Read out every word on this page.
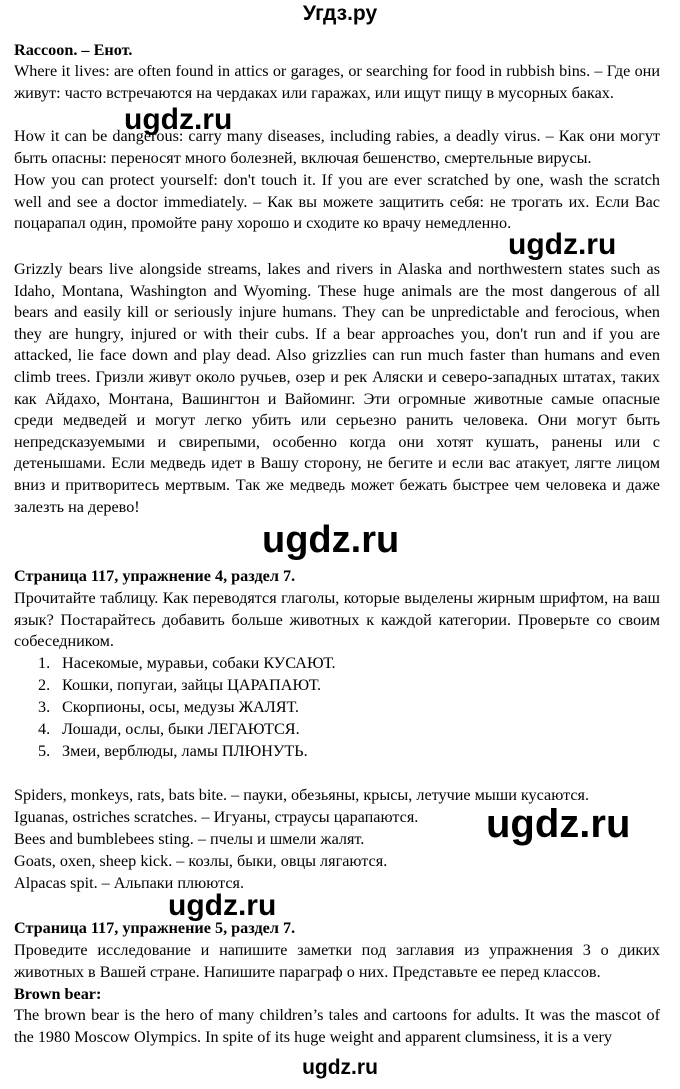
Угдз.ру
Raccoon. – Енот.
Where it lives: are often found in attics or garages, or searching for food in rubbish bins. – Где они живут: часто встречаются на чердаках или гаражах, или ищут пищу в мусорных баках.
How it can be dangerous: carry many diseases, including rabies, a deadly virus. – Как они могут быть опасны: переносят много болезней, включая бешенство, смертельные вирусы.
How you can protect yourself: don't touch it. If you are ever scratched by one, wash the scratch well and see a doctor immediately. – Как вы можете защитить себя: не трогать их. Если Вас поцарапал один, промойте рану хорошо и сходите ко врачу немедленно.
Grizzly bears live alongside streams, lakes and rivers in Alaska and northwestern states such as Idaho, Montana, Washington and Wyoming. These huge animals are the most dangerous of all bears and easily kill or seriously injure humans. They can be unpredictable and ferocious, when they are hungry, injured or with their cubs. If a bear approaches you, don't run and if you are attacked, lie face down and play dead. Also grizzlies can run much faster than humans and even climb trees. Гризли живут около ручьев, озер и рек Аляски и северо-западных штатах, таких как Айдахо, Монтана, Вашингтон и Вайоминг. Эти огромные животные самые опасные среди медведей и могут легко убить или серьезно ранить человека. Они могут быть непредсказуемыми и свирепыми, особенно когда они хотят кушать, ранены или с детенышами. Если медведь идет в Вашу сторону, не бегите и если вас атакует, лягте лицом вниз и притворитесь мертвым. Так же медведь может бежать быстрее чем человека и даже залезть на дерево!
Страница 117, упражнение 4, раздел 7.
Прочитайте таблицу. Как переводятся глаголы, которые выделены жирным шрифтом, на ваш язык? Постарайтесь добавить больше животных к каждой категории. Проверьте со своим собеседником.
1. Насекомые, муравьи, собаки КУСАЮТ.
2. Кошки, попугаи, зайцы ЦАРАПАЮТ.
3. Скорпионы, осы, медузы ЖАЛЯТ.
4. Лошади, ослы, быки ЛЕГАЮТСЯ.
5. Змеи, верблюды, ламы ПЛЮНУТЬ.
Spiders, monkeys, rats, bats bite. – пауки, обезьяны, крысы, летучие мыши кусаются.
Iguanas, ostriches scratches. – Игуаны, страусы царапаются.
Bees and bumblebees sting. – пчелы и шмели жалят.
Goats, oxen, sheep kick. – козлы, быки, овцы лягаются.
Alpacas spit. – Альпаки плюются.
Страница 117, упражнение 5, раздел 7.
Проведите исследование и напишите заметки под заглавия из упражнения 3 о диких животных в Вашей стране. Напишите параграф о них. Представьте ее перед классов.
Brown bear:
The brown bear is the hero of many children’s tales and cartoons for adults. It was the mascot of the 1980 Moscow Olympics. In spite of its huge weight and apparent clumsiness, it is a very
ugdz.ru
ugdz.ru
ugdz.ru
ugdz.ru
ugdz.ru
ugdz.ru
